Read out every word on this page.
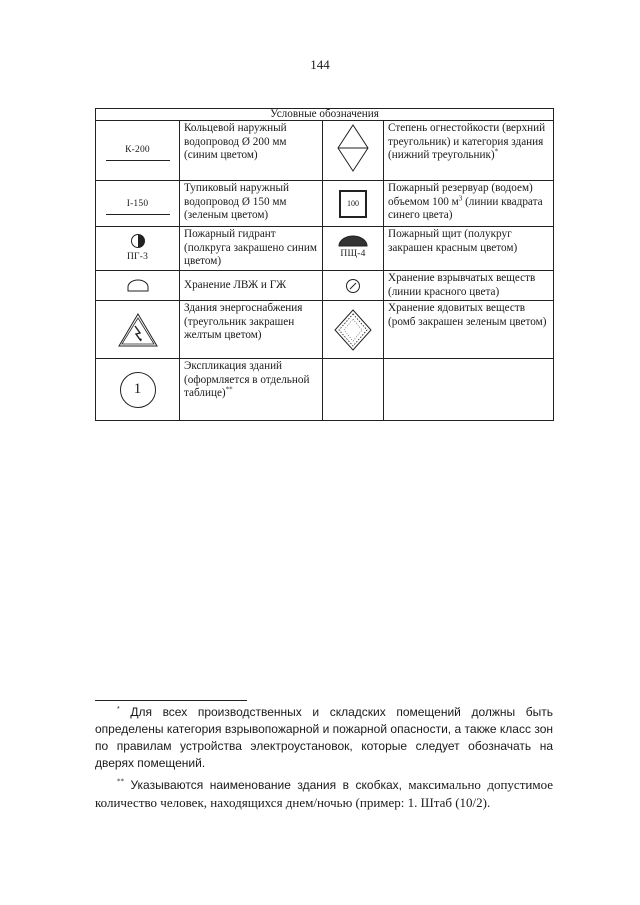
144
Условные обозначения			

К-200	Кольцевой наружный водопровод Ø 200 мм (синим цветом)		Степень огнестойкости (верхний треугольник) и категория здания (нижний треугольник)*

I-150	Тупиковый наружный водопровод Ø 150 мм (зеленым цветом)	100	Пожарный резервуар (водоем) объемом 100 $м^3$ (линии квадрата синего цвета)

ПГ-3	Пожарный гидрант (полкруга закрашено синим цветом)	ПЩ-4	Пожарный щит (полукруг закрашен красным цветом)

	Хранение ЛВЖ и ГЖ		Хранение взрывчатых веществ (линии красного цвета)

	Здания энергоснабжения (треугольник закрашен желтым цветом)		Хранение ядовитых веществ (ромб закрашен зеленым цветом)

1	Экспликация зданий (оформляется в отдельной таблице)**		

* Для всех производственных и складских помещений должны быть определены категория взрывопожарной и пожарной опасности, а также класс зон по правилам устройства электроустановок, которые следует обозначать на дверях помещений.

** Указываются наименование здания в скобках, максимально допустимое количество человек, находящихся днем/ночью (пример: 1. Штаб (10/2).
